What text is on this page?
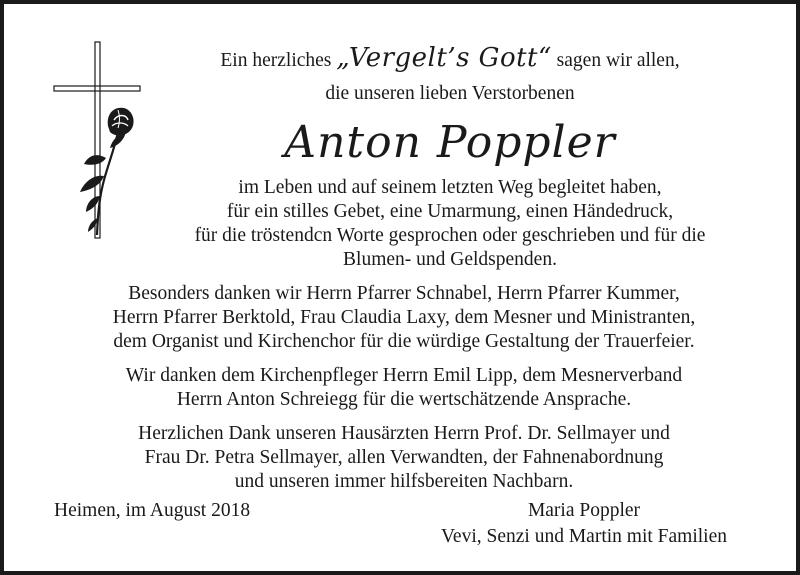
Ein herzliches „Vergelt’s Gott“ sagen wir allen,
die unseren lieben Verstorbenen
Anton Poppler
im Leben und auf seinem letzten Weg begleitet haben,
für ein stilles Gebet, eine Umarmung, einen Händedruck,
für die tröstendcn Worte gesprochen oder geschrieben und für die
Blumen- und Geldspenden.
Besonders danken wir Herrn Pfarrer Schnabel, Herrn Pfarrer Kummer,
Herrn Pfarrer Berktold, Frau Claudia Laxy, dem Mesner und Ministranten,
dem Organist und Kirchenchor für die würdige Gestaltung der Trauerfeier.
Wir danken dem Kirchenpfleger Herrn Emil Lipp, dem Mesnerverband
Herrn Anton Schreiegg für die wertschätzende Ansprache.
Herzlichen Dank unseren Hausärzten Herrn Prof. Dr. Sellmayer und
Frau Dr. Petra Sellmayer, allen Verwandten, der Fahnenabordnung
und unseren immer hilfsbereiten Nachbarn.
Heimen, im August 2018	Maria Poppler
Vevi, Senzi und Martin mit Familien
